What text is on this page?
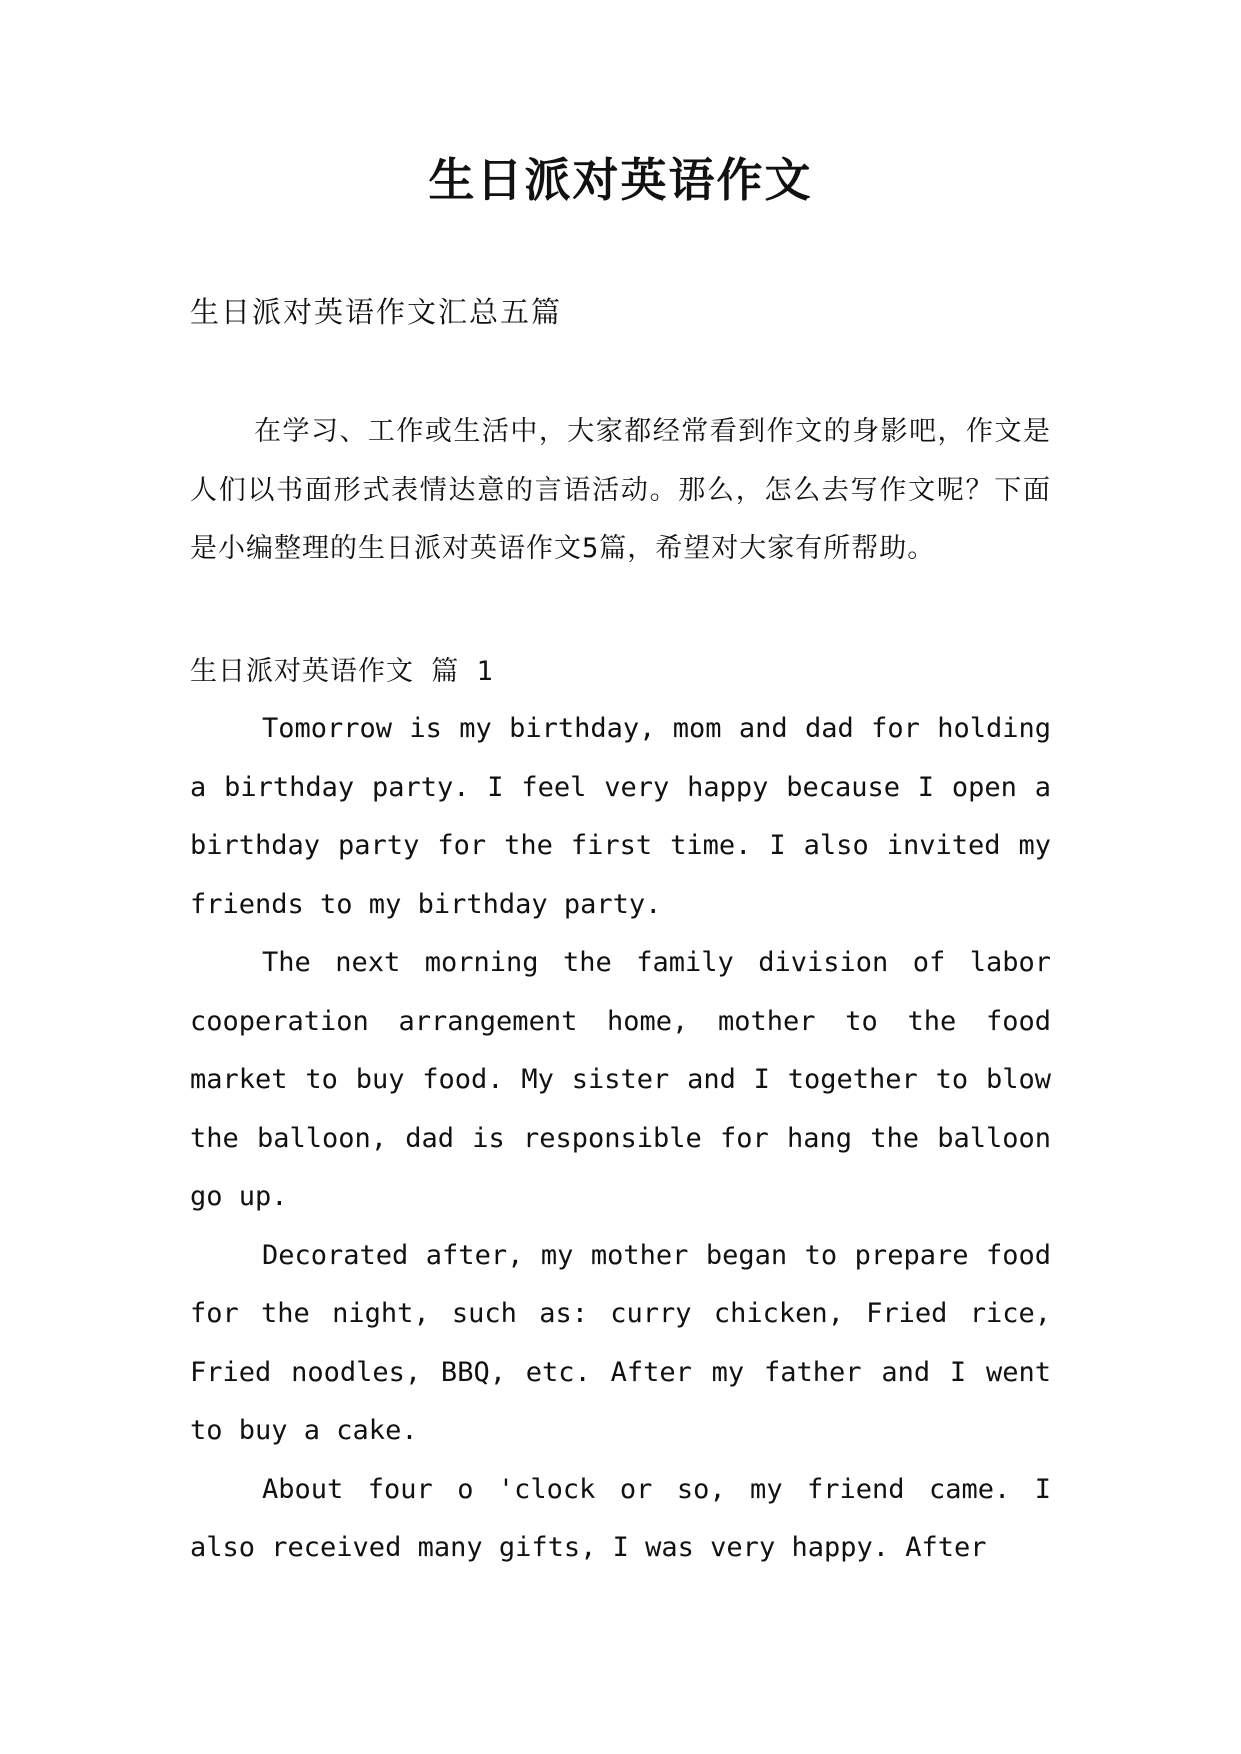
生日派对英语作文
生日派对英语作文汇总五篇
在学习、工作或生活中，大家都经常看到作文的身影吧，作文是人们以书面形式表情达意的言语活动。那么，怎么去写作文呢？下面是小编整理的生日派对英语作文5篇，希望对大家有所帮助。
生日派对英语作文 篇 1

Tomorrow is my birthday, mom and dad for holding a birthday party. I feel very happy because I open a birthday party for the first time. I also invited my friends to my birthday party.

The next morning the family division of labor cooperation arrangement home, mother to the food market to buy food. My sister and I together to blow the balloon, dad is responsible for hang the balloon go up.

Decorated after, my mother began to prepare food for the night, such as: curry chicken, Fried rice, Fried noodles, BBQ, etc. After my father and I went to buy a cake.

About four o 'clock or so, my friend came. I also received many gifts, I was very happy. After
